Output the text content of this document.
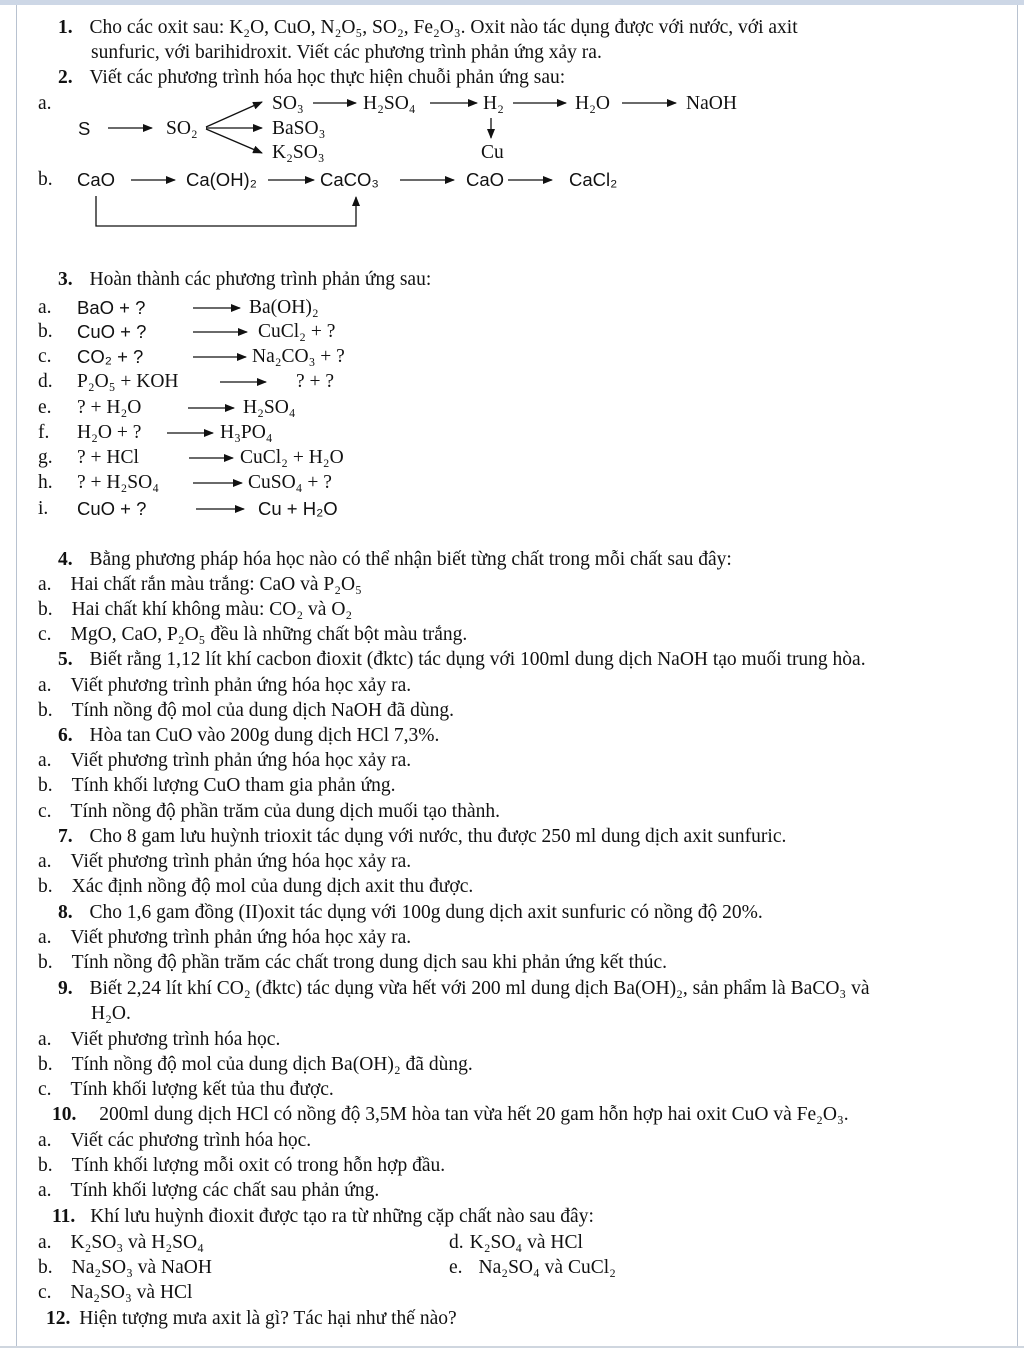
1. Cho các oxit sau: K₂O, CuO, N₂O₅, SO₂, Fe₂O₃. Oxit nào tác dụng được với nước, với axit
sunfuric, với barihidroxit. Viết các phương trình phản ứng xảy ra.
2. Viết các phương trình hóa học thực hiện chuỗi phản ứng sau:
a.
S	SO₂
SO₃	H₂SO₄	H₂	H₂O	NaOH
BaSO₃
K₂SO₃	Cu
b. CaO	Ca(OH)₂	CaCO₃	CaO	CaCl₂
3. Hoàn thành các phương trình phản ứng sau:
a. BaO + ?	Ba(OH)₂
b. CuO + ?	CuCl₂ + ?
c. CO₂ + ?	Na₂CO₃ + ?
d. P₂O₅ + KOH	? + ?
e. ? + H₂O	H₂SO₄
f. H₂O + ?	H₃PO₄
g. ? + HCl	CuCl₂ + H₂O
h. ? + H₂SO₄	CuSO₄ + ?
i. CuO + ?	Cu + H₂O
4. Bằng phương pháp hóa học nào có thể nhận biết từng chất trong mỗi chất sau đây:
a. Hai chất rắn màu trắng: CaO và P₂O₅
b. Hai chất khí không màu: CO₂ và O₂
c. MgO, CaO, P₂O₅ đều là những chất bột màu trắng.
5. Biết rằng 1,12 lít khí cacbon đioxit (đktc) tác dụng với 100ml dung dịch NaOH tạo muối trung hòa.
a. Viết phương trình phản ứng hóa học xảy ra.
b. Tính nồng độ mol của dung dịch NaOH đã dùng.
6. Hòa tan CuO vào 200g dung dịch HCl 7,3%.
a. Viết phương trình phản ứng hóa học xảy ra.
b. Tính khối lượng CuO tham gia phản ứng.
c. Tính nồng độ phần trăm của dung dịch muối tạo thành.
7. Cho 8 gam lưu huỳnh trioxit tác dụng với nước, thu được 250 ml dung dịch axit sunfuric.
a. Viết phương trình phản ứng hóa học xảy ra.
b. Xác định nồng độ mol của dung dịch axit thu được.
8. Cho 1,6 gam đồng (II)oxit tác dụng với 100g dung dịch axit sunfuric có nồng độ 20%.
a. Viết phương trình phản ứng hóa học xảy ra.
b. Tính nồng độ phần trăm các chất trong dung dịch sau khi phản ứng kết thúc.
9. Biết 2,24 lít khí CO₂ (đktc) tác dụng vừa hết với 200 ml dung dịch Ba(OH)₂, sản phẩm là BaCO₃ và
H₂O.
a. Viết phương trình hóa học.
b. Tính nồng độ mol của dung dịch Ba(OH)₂ đã dùng.
c. Tính khối lượng kết tủa thu được.
10. 200ml dung dịch HCl có nồng độ 3,5M hòa tan vừa hết 20 gam hỗn hợp hai oxit CuO và Fe₂O₃.
a. Viết các phương trình hóa học.
b. Tính khối lượng mỗi oxit có trong hỗn hợp đầu.
a. Tính khối lượng các chất sau phản ứng.
11. Khí lưu huỳnh đioxit được tạo ra từ những cặp chất nào sau đây:
a. K₂SO₃ và H₂SO₄	d. K₂SO₄ và HCl
b. Na₂SO₃ và NaOH	e. Na₂SO₄ và CuCl₂
c. Na₂SO₃ và HCl
12. Hiện tượng mưa axit là gì? Tác hại như thế nào?
